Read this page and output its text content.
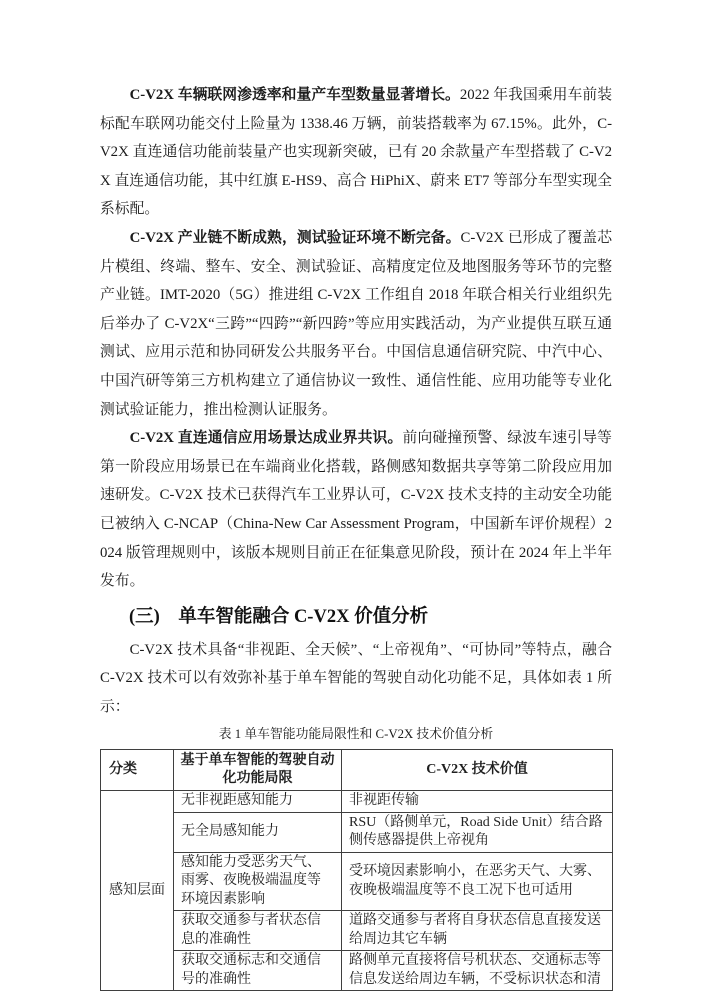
C-V2X 车辆联网渗透率和量产车型数量显著增长。2022 年我国乘用车前装标配车联网功能交付上险量为 1338.46 万辆，前装搭载率为 67.15%。此外，C-V2X 直连通信功能前装量产也实现新突破，已有 20 余款量产车型搭载了 C-V2X 直连通信功能，其中红旗 E-HS9、高合 HiPhiX、蔚来 ET7 等部分车型实现全系标配。

C-V2X 产业链不断成熟，测试验证环境不断完备。C-V2X 已形成了覆盖芯片模组、终端、整车、安全、测试验证、高精度定位及地图服务等环节的完整产业链。IMT-2020（5G）推进组 C-V2X 工作组自 2018 年联合相关行业组织先后举办了 C-V2X“三跨”“四跨”“新四跨”等应用实践活动，为产业提供互联互通测试、应用示范和协同研发公共服务平台。中国信息通信研究院、中汽中心、中国汽研等第三方机构建立了通信协议一致性、通信性能、应用功能等专业化测试验证能力，推出检测认证服务。

C-V2X 直连通信应用场景达成业界共识。前向碰撞预警、绿波车速引导等第一阶段应用场景已在车端商业化搭载，路侧感知数据共享等第二阶段应用加速研发。C-V2X 技术已获得汽车工业界认可，C-V2X 技术支持的主动安全功能已被纳入 C-NCAP（China-New Car Assessment Program，中国新车评价规程）2024 版管理规则中，该版本规则目前正在征集意见阶段，预计在 2024 年上半年发布。

(三)　单车智能融合 C-V2X 价值分析

C-V2X 技术具备“非视距、全天候”、“上帝视角”、“可协同”等特点，融合 C-V2X 技术可以有效弥补基于单车智能的驾驶自动化功能不足，具体如表 1 所示：

表 1 单车智能功能局限性和 C-V2X 技术价值分析
分类	基于单车智能的驾驶自动化功能局限	C-V2X 技术价值
感知层面	无非视距感知能力	非视距传输
	无全局感知能力	RSU（路侧单元，Road Side Unit）结合路侧传感器提供上帝视角
	感知能力受恶劣天气、雨雾、夜晚极端温度等环境因素影响	受环境因素影响小，在恶劣天气、大雾、夜晚极端温度等不良工况下也可适用
	获取交通参与者状态信息的准确性	道路交通参与者将自身状态信息直接发送给周边其它车辆
	获取交通标志和交通信号的准确性	路侧单元直接将信号机状态、交通标志等信息发送给周边车辆，不受标识状态和清
